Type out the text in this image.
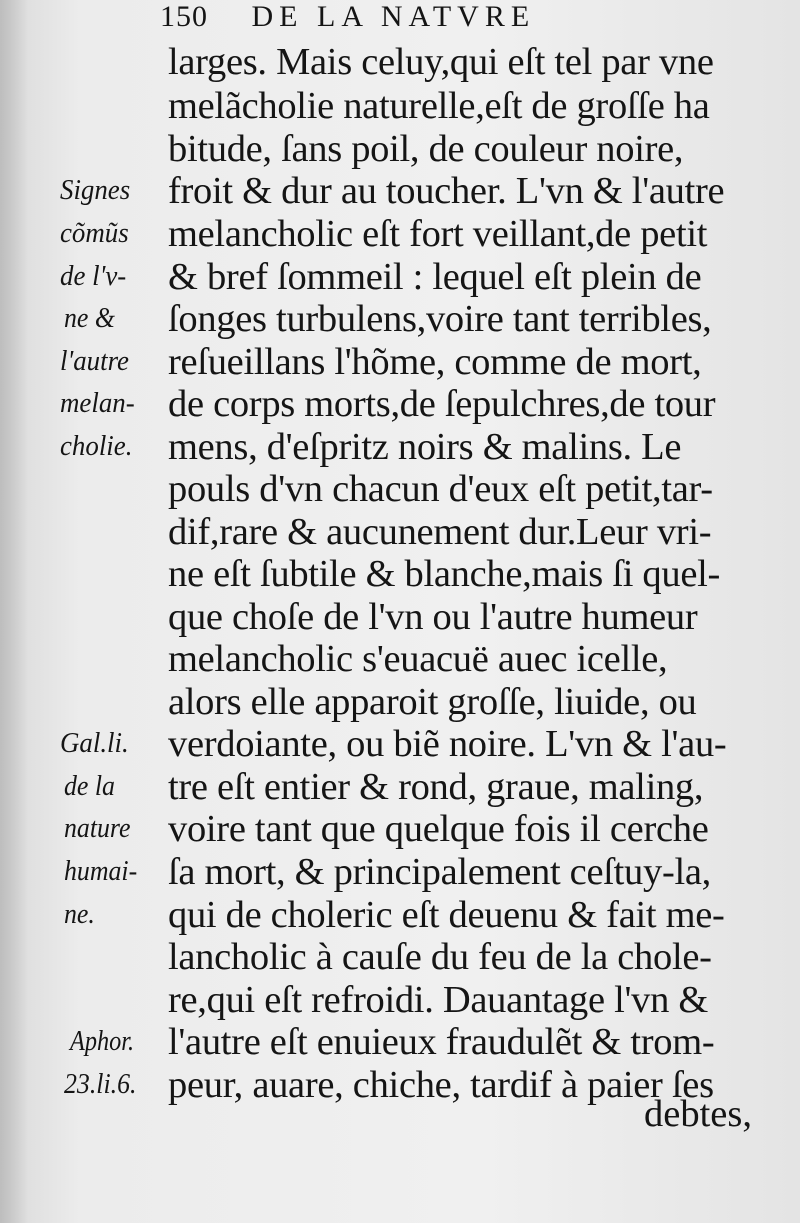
150 DE LA NATVRE
larges. Mais celuy,qui eſt tel par vne
melãcholie naturelle,eſt de groſſe ha
bitude, ſans poil, de couleur noire,
froit & dur au toucher. L'vn & l'autre
melancholic eſt fort veillant,de petit
& bref ſommeil : lequel eſt plein de
ſonges turbulens,voire tant terribles,
reſueillans l'hõme, comme de mort,
de corps morts,de ſepulchres,de tour
mens, d'eſpritz noirs & malins. Le
pouls d'vn chacun d'eux eſt petit,tar-
dif,rare & aucunement dur.Leur vri-
ne eſt ſubtile & blanche,mais ſi quel-
que choſe de l'vn ou l'autre humeur
melancholic s'euacuë auec icelle,
alors elle apparoit groſſe, liuide, ou
verdoiante, ou biẽ noire. L'vn & l'au-
tre eſt entier & rond, graue, maling,
voire tant que quelque fois il cerche
ſa mort, & principalement ceſtuy-la,
qui de choleric eſt deuenu & fait me-
lancholic à cauſe du feu de la chole-
re,qui eſt refroidi. Dauantage l'vn &
l'autre eſt enuieux fraudulẽt & trom-
peur, auare, chiche, tardif à paier ſes
debtes,
Signes
cõmũs
de l'v-
ne &
l'autre
melan-
cholie.
Gal.li.
de la
nature
humai-
ne.
Aphor.
23.li.6.
